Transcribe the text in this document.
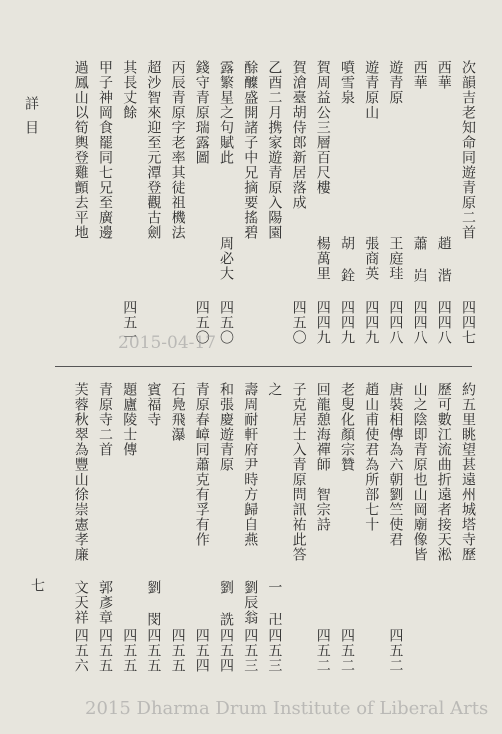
詳目
七
次韻吉老知命同遊青原二首
四四七
西華
趙 湝
四四八
西華
蕭 岿
四四八
遊青原
王庭珪
四四八
遊青原山
張商英
四四九
噴雪泉
胡 銓
四四九
賀周益公三層百尺樓
楊萬里
四四九
賀滄臺胡侍郎新居落成
四五〇
乙酉二月携家遊青原入陽園
酴醾盛開諸子中兄摘要搖碧
露繁星之句賦此
周必大
四五〇
錢守青原瑞露圖
四五〇
丙辰青原字老率其徒祖機法
超沙智來迎至元潭登觀古劍
其長丈餘
四五一
甲子神岡食罷同七兄至廣邊
過鳳山以筍輿登雞顫去平地
約五里眺望甚遠州城塔寺歷
歷可數江流曲折遠者接天淞
山之陰即青原也山岡廟像皆
唐裝相傳為六朝劉竺使君
四五二
趙山甫使君為所部七十
老叟化顏宗贊
四五二
回龍憩海禪師　智宗詩
四五二
子克居士入青原問訊祐此答
之
一 卍
四五三
壽周耐軒府尹時方歸自燕
劉辰翁
四五三
和張慶遊青原
劉 詵
四五四
青原春嶂同蕭克有孚有作
四五四
石鳧飛瀑
四五五
賓福寺
劉 閔
四五五
題廬陵士傳
四五五
青原寺二首
郭彥章
四五五
芙蓉秋翠為豐山徐崇憲孝廉
文天祥
四五六
2015-04-17
2015 Dharma Drum Institute of Liberal Arts
